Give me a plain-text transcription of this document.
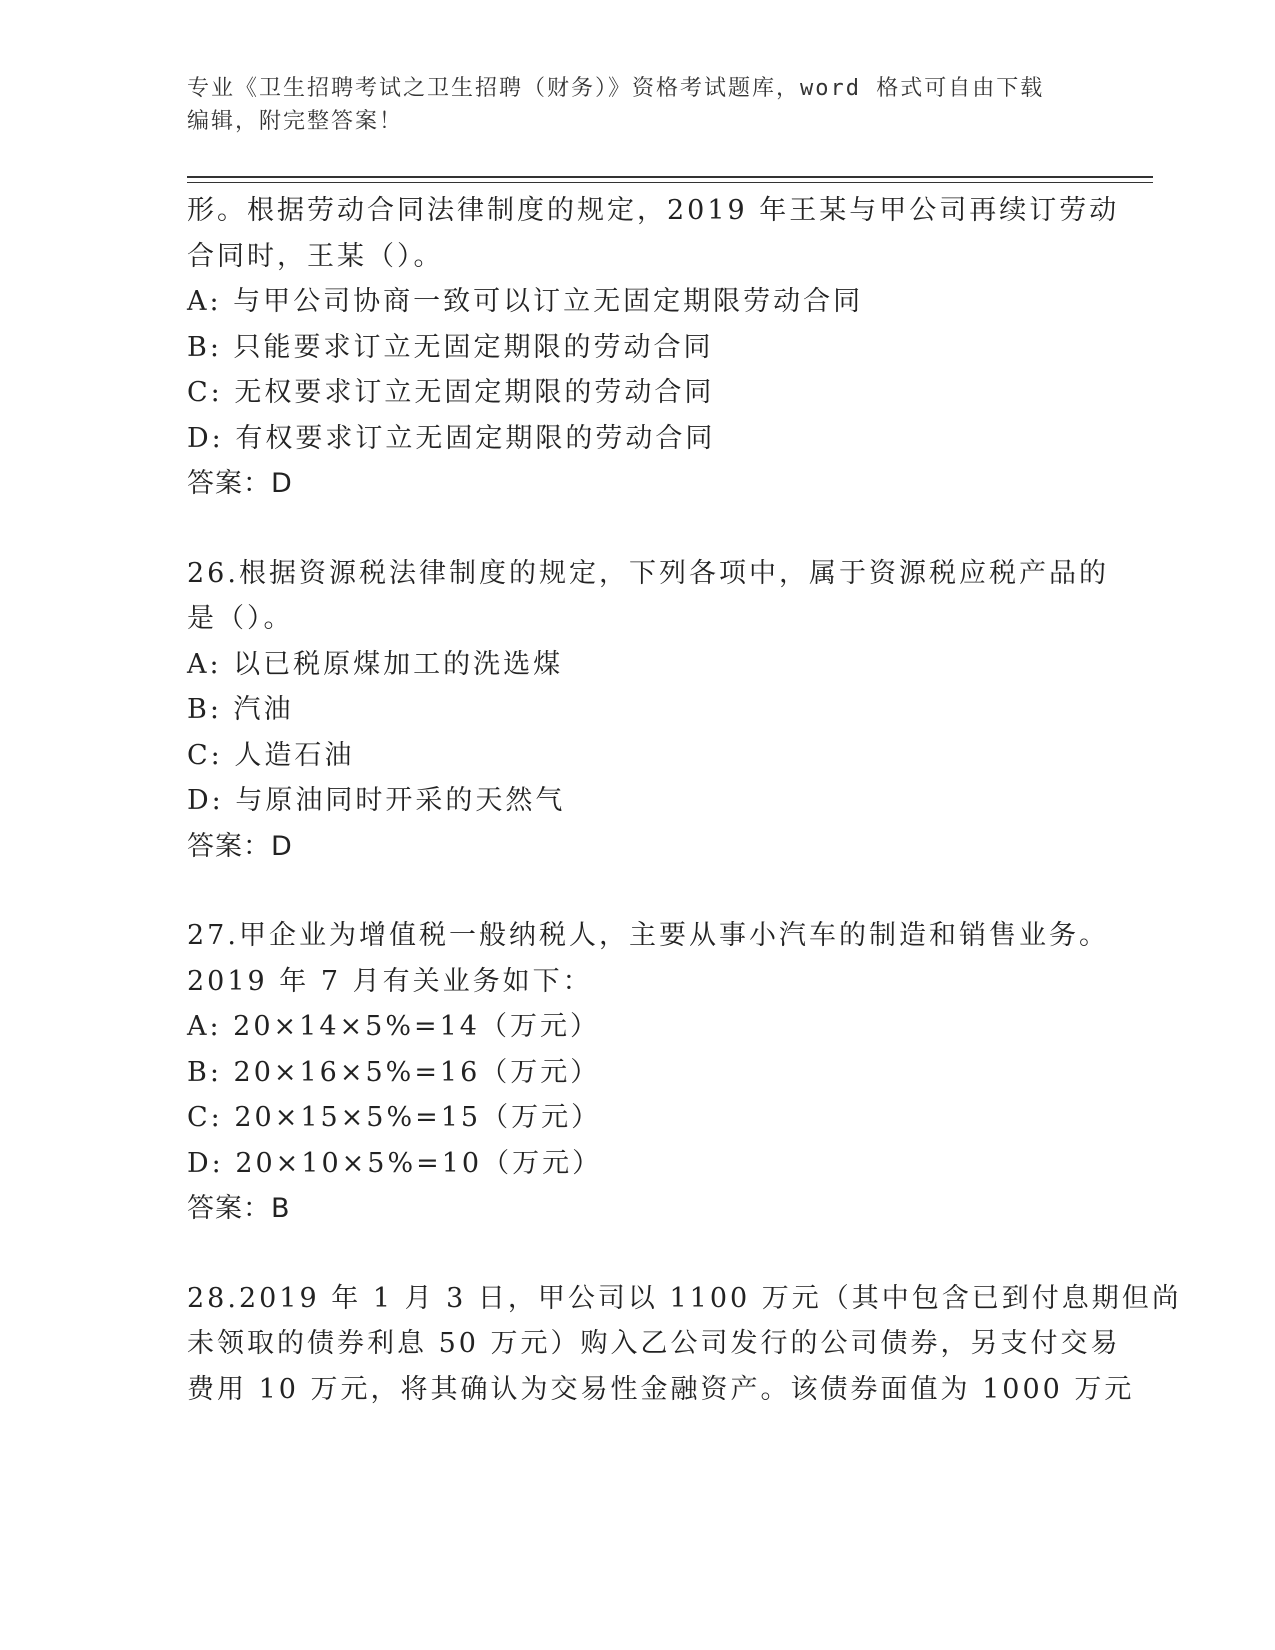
专业《卫生招聘考试之卫生招聘（财务）》资格考试题库，word 格式可自由下载
编辑，附完整答案！
形。根据劳动合同法律制度的规定，2019 年王某与甲公司再续订劳动
合同时，王某（）。
A: 与甲公司协商一致可以订立无固定期限劳动合同
B: 只能要求订立无固定期限的劳动合同
C: 无权要求订立无固定期限的劳动合同
D: 有权要求订立无固定期限的劳动合同
答案：D
26.根据资源税法律制度的规定，下列各项中，属于资源税应税产品的
是（）。
A: 以已税原煤加工的洗选煤
B: 汽油
C: 人造石油
D: 与原油同时开采的天然气
答案：D
27.甲企业为增值税一般纳税人，主要从事小汽车的制造和销售业务。
2019 年 7 月有关业务如下：
A: 20×14×5%=14（万元）
B: 20×16×5%=16（万元）
C: 20×15×5%=15（万元）
D: 20×10×5%=10（万元）
答案：B
28.2019 年 1 月 3 日，甲公司以 1100 万元（其中包含已到付息期但尚
未领取的债券利息 50 万元）购入乙公司发行的公司债券，另支付交易
费用 10 万元，将其确认为交易性金融资产。该债券面值为 1000 万元
